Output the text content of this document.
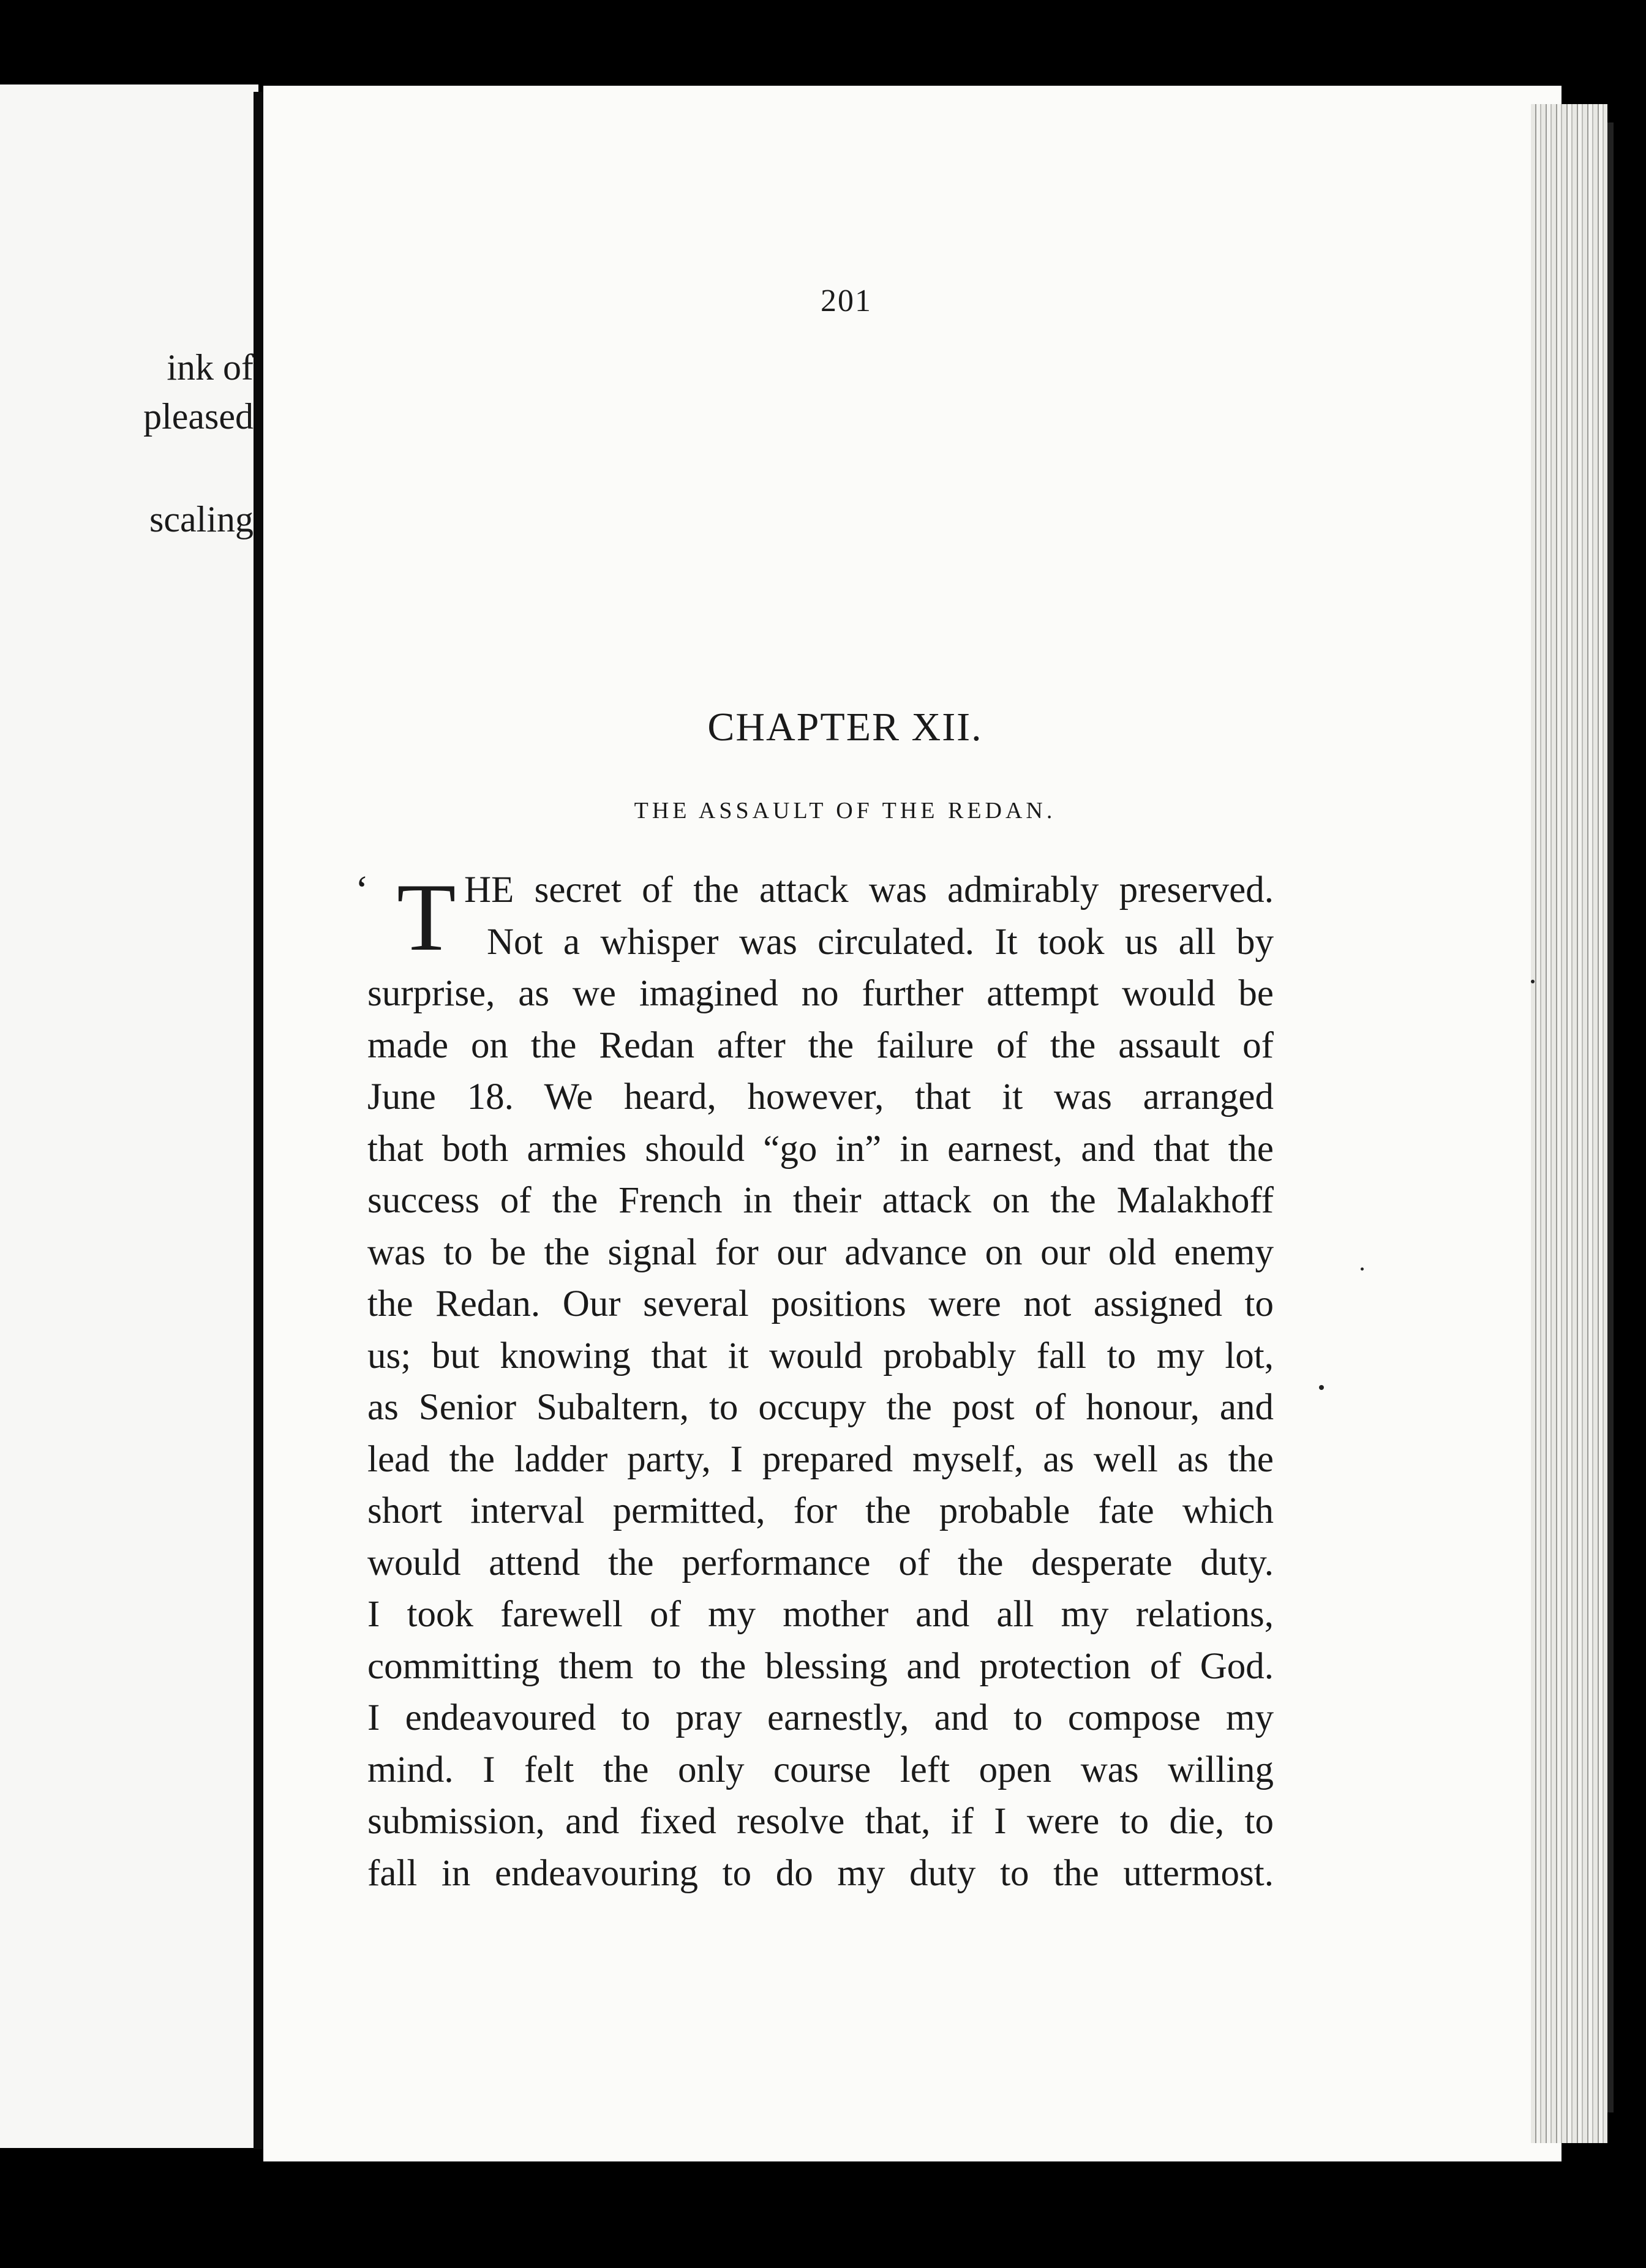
ink of
pleased
scaling
201
CHAPTER XII.
THE ASSAULT OF THE REDAN.
‘ T HE secret of the attack was admirably preserved.
Not a whisper was circulated. It took us all by
surprise, as we imagined no further attempt would be
made on the Redan after the failure of the assault of
June 18. We heard, however, that it was arranged
that both armies should “go in” in earnest, and that the
success of the French in their attack on the Malakhoff
was to be the signal for our advance on our old enemy
the Redan. Our several positions were not assigned to
us; but knowing that it would probably fall to my lot,
as Senior Subaltern, to occupy the post of honour, and
lead the ladder party, I prepared myself, as well as the
short interval permitted, for the probable fate which
would attend the performance of the desperate duty.
I took farewell of my mother and all my relations,
committing them to the blessing and protection of God.
I endeavoured to pray earnestly, and to compose my
mind. I felt the only course left open was willing
submission, and fixed resolve that, if I were to die, to
fall in endeavouring to do my duty to the uttermost.
